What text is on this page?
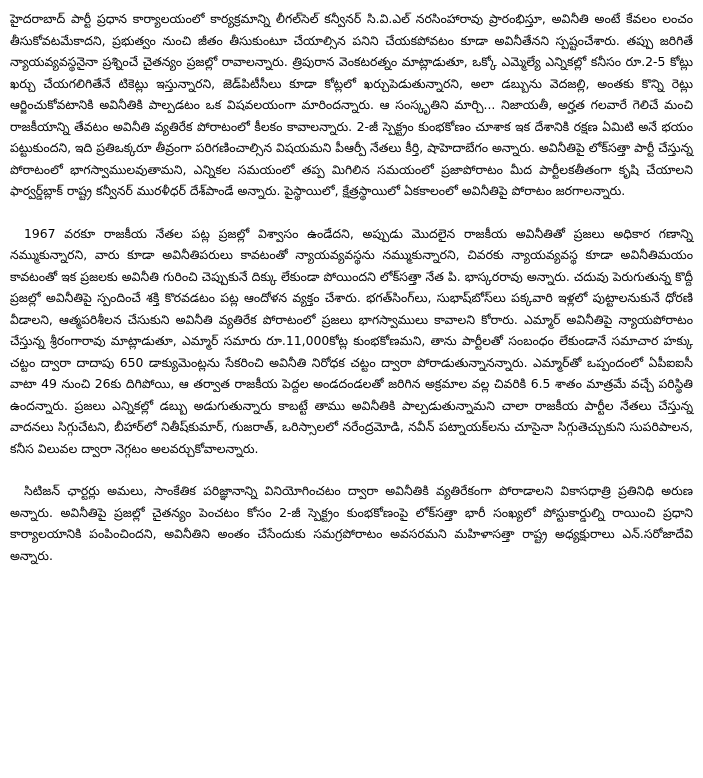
హైదరాబాద్ పార్టీ ప్రధాన కార్యాలయంలో కార్యక్రమాన్ని లీగల్‌సెల్ కన్వీనర్ సి.వి.ఎల్ నరసింహారావు ప్రారంభిస్తూ, అవినీతి అంటే కేవలం లంచం తీసుకోవటమేకాదని, ప్రభుత్వం నుంచి జీతం తీసుకుంటూ చేయాల్సిన పనిని చేయకపోవటం కూడా అవినీతేనని స్పష్టంచేశారు. తప్పు జరిగితే న్యాయవ్యవస్థనైనా ప్రశ్నించే చైతన్యం ప్రజల్లో రావాలన్నారు. త్రిపురాన వెంకటరత్నం మాట్లాడుతూ, ఒక్కో ఎమ్మెల్యే ఎన్నికల్లో కనీసం రూ.2-5 కోట్లు ఖర్చు చేయగలిగితేనే టికెట్లు ఇస్తున్నారని, జెడ్‌పిటీసీలు కూడా కోట్లలో ఖర్చుపెడుతున్నారని, అలా డబ్బును వెదజల్లి, అంతకు కొన్ని రెట్లు ఆర్జించుకోవటానికి అవినీతికి పాల్పడటం ఒక విషవలయంగా మారిందన్నారు. ఆ సంస్కృతిని మార్చి... నిజాయతీ, అర్హత గలవారే గెలిచే మంచి రాజకీయాన్ని తేవటం అవినీతి వ్యతిరేక పోరాటంలో కీలకం కావాలన్నారు. 2-జీ స్పెక్ట్రం కుంభకోణం చూశాక ఇక దేశానికి రక్షణ ఏమిటి అనే భయం పట్టుకుందని, ఇది ప్రతిఒక్కరూ తీవ్రంగా పరిగణించాల్సిన విషయమని పీఆర్పీ నేతలు కీర్తి, షాహెదాబేగం అన్నారు. అవినీతిపై లోక్‌సత్తా పార్టీ చేస్తున్న పోరాటంలో భాగస్వాములవుతామని, ఎన్నికల సమయంలో తప్ప మిగిలిన సమయంలో ప్రజాపోరాటం మీద పార్టీలకతీతంగా కృషి చేయాలని ఫార్వర్డ్‌బ్లాక్ రాష్ట్ర కన్వీనర్ మురళీధర్ దేశ్‌పాండే అన్నారు. పైస్థాయిలో, క్షేత్రస్థాయిలో ఏకకాలంలో అవినీతిపై పోరాటం జరగాలన్నారు.

1967 వరకూ రాజకీయ నేతల పట్ల ప్రజల్లో విశ్వాసం ఉండేదని, అప్పుడు మొదలైన రాజకీయ అవినీతితో ప్రజలు అధికార గణాన్ని నమ్ముకున్నారని, వారు కూడా అవినీతిపరులు కావటంతో న్యాయవ్యవస్థను నమ్ముకున్నారని, చివరకు న్యాయవ్యవస్థ కూడా అవినీతిమయం కావటంతో ఇక ప్రజలకు అవినీతి గురించి చెప్పుకునే దిక్కు లేకుండా పోయిందని లోక్‌సత్తా నేత పి. భాస్కరరావు అన్నారు. చదువు పెరుగుతున్న కొద్దీ ప్రజల్లో అవినీతిపై స్పందించే శక్తి కొరవడటం పట్ల ఆందోళన వ్యక్తం చేశారు. భగత్‌సింగ్‌లు, సుభాష్‌బోస్‌లు పక్కవారి ఇళ్లలో పుట్టాలనుకునే ధోరణి వీడాలని, ఆత్మపరిశీలన చేసుకుని అవినీతి వ్యతిరేక పోరాటంలో ప్రజలు భాగస్వాములు కావాలని కోరారు. ఎమ్మార్ అవినీతిపై న్యాయపోరాటం చేస్తున్న శ్రీరంగారావు మాట్లాడుతూ, ఎమ్మార్ సమారు రూ.11,000కోట్ల కుంభకోణమని, తాను పార్టీలతో సంబంధం లేకుండానే సమాచార హక్కు చట్టం ద్వారా దాదాపు 650 డాక్యుమెంట్లను సేకరించి అవినీతి నిరోధక చట్టం ద్వారా పోరాడుతున్నానన్నారు. ఎమ్మార్‌తో ఒప్పందంలో ఏపీఐఐసీ వాటా 49 నుంచి 26కు దిగిపోయి, ఆ తర్వాత రాజకీయ పెద్దల అండదండలతో జరిగిన అక్రమాల వల్ల చివరికి 6.5 శాతం మాత్రమే వచ్చే పరిస్థితి ఉందన్నారు. ప్రజలు ఎన్నికల్లో డబ్బు అడుగుతున్నారు కాబట్టే తాము అవినీతికి పాల్పడుతున్నామని చాలా రాజకీయ పార్టీల నేతలు చేస్తున్న వాదనలు సిగ్గుచేటని, బీహార్‌లో నితీష్‌కుమార్, గుజరాత్, ఒరిస్సాలలో నరేంద్రమోడి, నవీన్ పట్నాయక్‌లను చూసైనా సిగ్గుతెచ్చుకుని సుపరిపాలన, కనీస విలువల ద్వారా నెగ్గటం అలవర్చుకోవాలన్నారు.

సిటిజన్ ఛార్టర్లు అమలు, సాంకేతిక పరిజ్ఞానాన్ని వినియోగించటం ద్వారా అవినీతికి వ్యతిరేకంగా పోరాడాలని వికాసధాత్రి ప్రతినిధి అరుణ అన్నారు. అవినీతిపై ప్రజల్లో చైతన్యం పెంచటం కోసం 2-జీ స్పెక్ట్రం కుంభకోణంపై లోక్‌సత్తా భారీ సంఖ్యలో పోస్టుకార్డుల్ని రాయించి ప్రధాని కార్యాలయానికి పంపించిందని, అవినీతిని అంతం చేసేందుకు సమగ్రపోరాటం అవసరమని మహిళాసత్తా రాష్ట్ర అధ్యక్షురాలు ఎన్.సరోజాదేవి అన్నారు.
